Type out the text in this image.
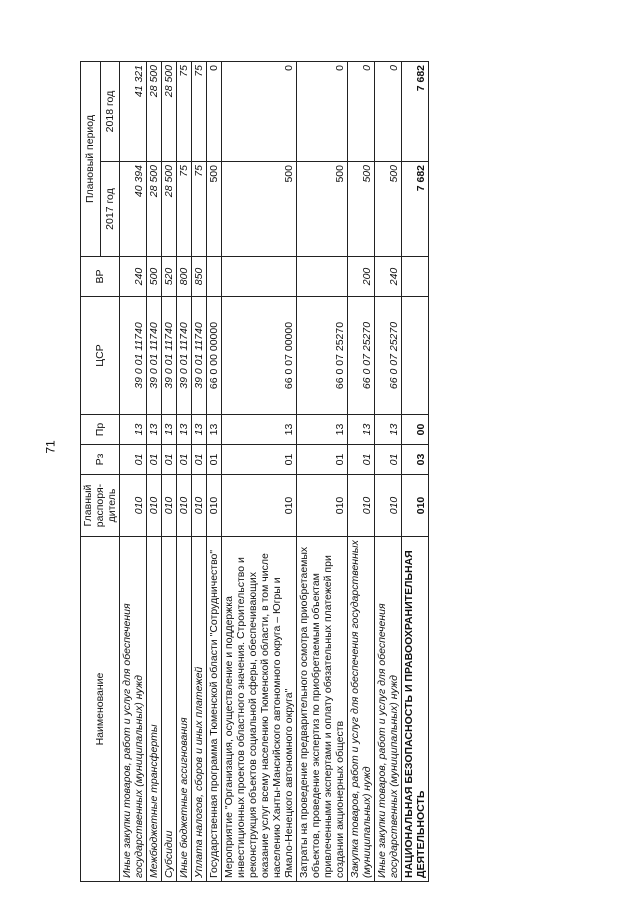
71
Наименование	Главный распоря-дитель	Рз	Пр	ЦСР	ВР	Плановый период	
						2017 год	2018 год
Иные закупки товаров, работ и услуг для обеспечения государственных (муниципальных) нужд	010	01	13	39 0 01 11740	240	40 394	41 321
Межбюджетные трансферты	010	01	13	39 0 01 11740	500	28 500	28 500
Субсидии	010	01	13	39 0 01 11740	520	28 500	28 500
Иные бюджетные ассигнования	010	01	13	39 0 01 11740	800	75	75
Уплата налогов, сборов и иных платежей	010	01	13	39 0 01 11740	850	75	75
Государственная программа Тюменской области "Сотрудничество"	010	01	13	66 0 00 00000		500	0
Мероприятие "Организация, осуществление и поддержка инвестиционных проектов областного значения. Строительство и реконструкция объектов социальной сферы, обеспечивающих оказание услуг всему населению Тюменской области, в том числе населению Ханты-Мансийского автономного округа – Югры и Ямало-Ненецкого автономного округа"	010	01	13	66 0 07 00000		500	0
Затраты на проведение предварительного осмотра приобретаемых объектов, проведение экспертиз по приобретаемым объектам привлеченными экспертами и оплату обязательных платежей при создании акционерных обществ	010	01	13	66 0 07 25270		500	0
Закупка товаров, работ и услуг для обеспечения государственных (муниципальных) нужд	010	01	13	66 0 07 25270	200	500	0
Иные закупки товаров, работ и услуг для обеспечения государственных (муниципальных) нужд	010	01	13	66 0 07 25270	240	500	0
НАЦИОНАЛЬНАЯ БЕЗОПАСНОСТЬ И ПРАВООХРАНИТЕЛЬНАЯ ДЕЯТЕЛЬНОСТЬ	010	03	00			7 682	7 682
